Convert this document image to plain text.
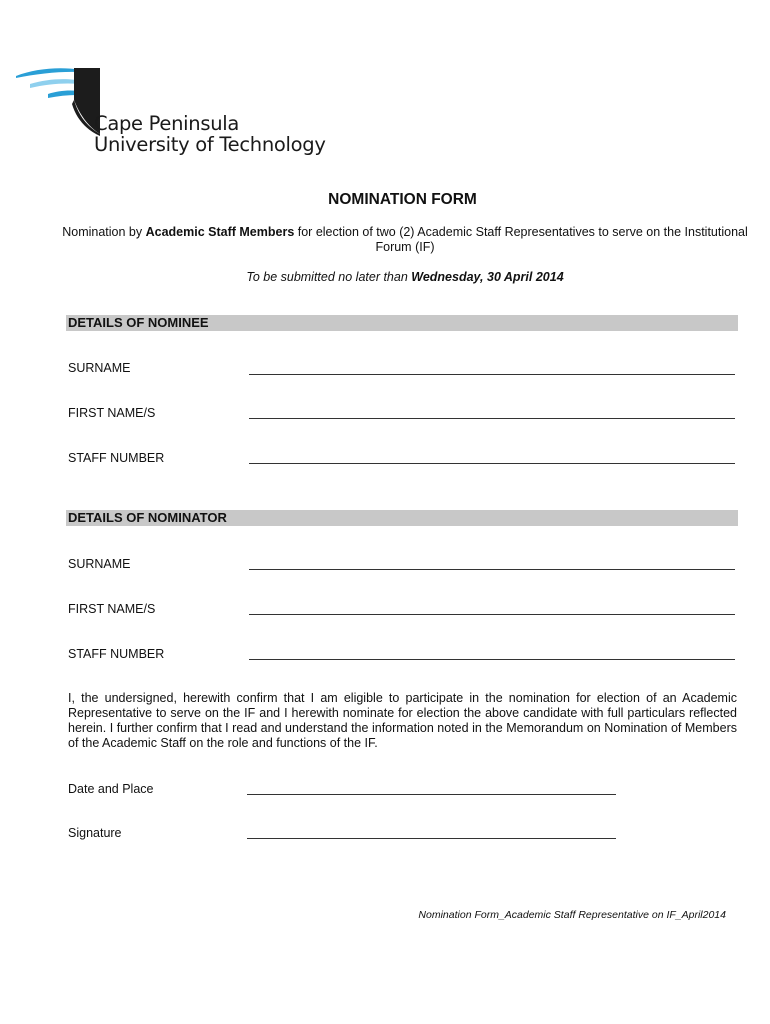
Cape Peninsula
University of Technology
NOMINATION FORM
Nomination by Academic Staff Members for election of two (2) Academic Staff Representatives to serve on the Institutional Forum (IF)
To be submitted no later than Wednesday, 30 April 2014
DETAILS OF NOMINEE
SURNAME
FIRST NAME/S
STAFF NUMBER
DETAILS OF NOMINATOR
SURNAME
FIRST NAME/S
STAFF NUMBER
I, the undersigned, herewith confirm that I am eligible to participate in the nomination for election of an Academic Representative to serve on the IF and I herewith nominate for election the above candidate with full particulars reflected herein. I further confirm that I read and understand the information noted in the Memorandum on Nomination of Members of the Academic Staff on the role and functions of the IF.
Date and Place
Signature
Nomination Form_Academic Staff Representative on IF_April2014
